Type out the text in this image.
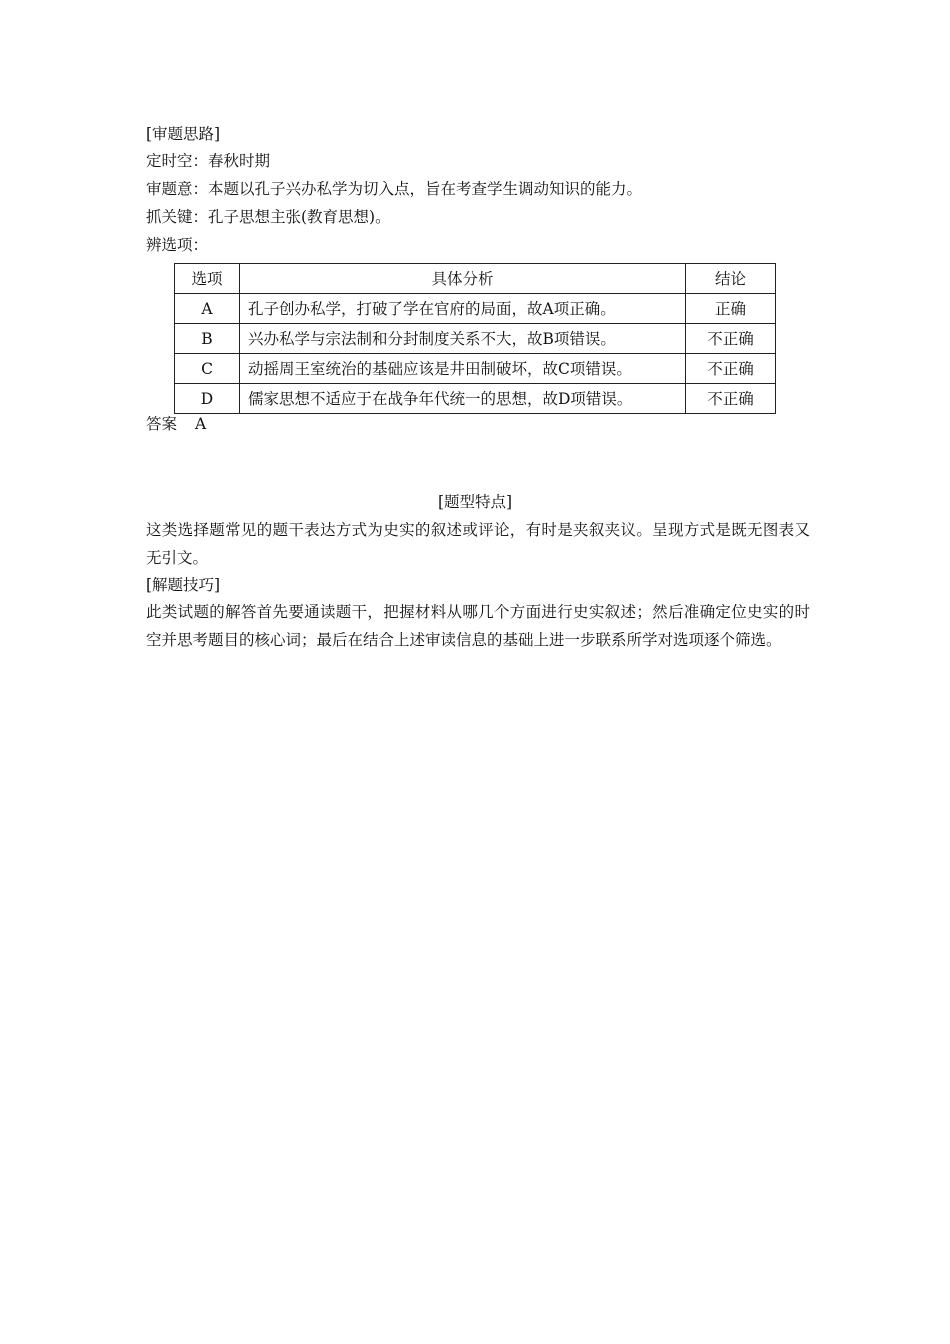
[审题思路]
定时空：春秋时期
审题意：本题以孔子兴办私学为切入点，旨在考查学生调动知识的能力。
抓关键：孔子思想主张(教育思想)。
辨选项：
选项	具体分析	结论
A	孔子创办私学，打破了学在官府的局面，故A项正确。	正确
B	兴办私学与宗法制和分封制度关系不大，故B项错误。	不正确
C	动摇周王室统治的基础应该是井田制破坏，故C项错误。	不正确
D	儒家思想不适应于在战争年代统一的思想，故D项错误。	不正确
答案 A
[题型特点]
这类选择题常见的题干表达方式为史实的叙述或评论，有时是夹叙夹议。呈现方式是既无图表又无引文。
[解题技巧]
此类试题的解答首先要通读题干，把握材料从哪几个方面进行史实叙述；然后准确定位史实的时空并思考题目的核心词；最后在结合上述审读信息的基础上进一步联系所学对选项逐个筛选。
